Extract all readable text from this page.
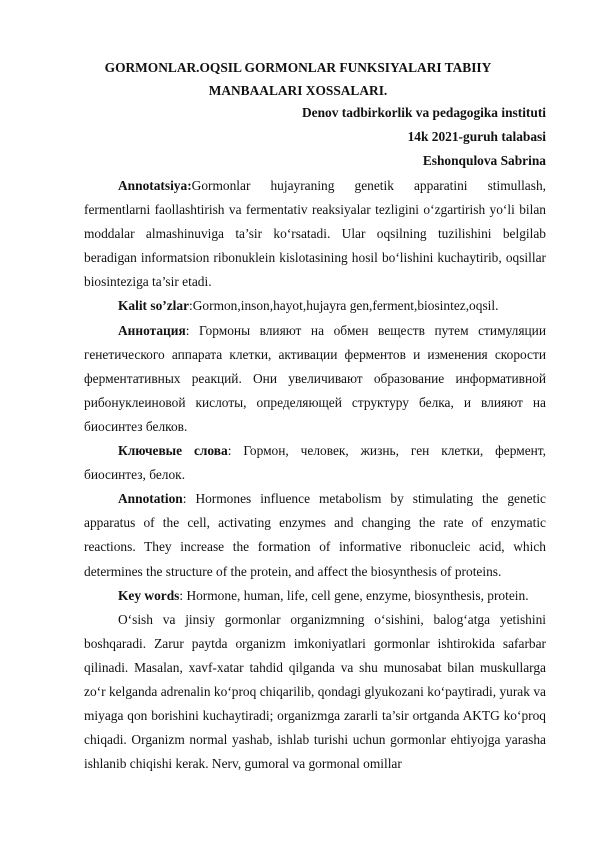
GORMONLAR.OQSIL GORMONLAR FUNKSIYALARI TABIIY
MANBAALARI XOSSALARI.

Denov tadbirkorlik va pedagogika instituti

14k 2021-guruh talabasi

Eshonqulova Sabrina

Annotatsiya:Gormonlar hujayraning genetik apparatini stimullash, fermentlarni faollashtirish va fermentativ reaksiyalar tezligini o‘zgartirish yo‘li bilan moddalar almashinuviga ta’sir ko‘rsatadi. Ular oqsilning tuzilishini belgilab beradigan informatsion ribonuklein kislotasining hosil bo‘lishini kuchaytirib, oqsillar biosinteziga ta’sir etadi.

Kalit so’zlar:Gormon,inson,hayot,hujayra gen,ferment,biosintez,oqsil.

Аннотация: Гормоны влияют на обмен веществ путем стимуляции генетического аппарата клетки, активации ферментов и изменения скорости ферментативных реакций. Они увеличивают образование информативной рибонуклеиновой кислоты, определяющей структуру белка, и влияют на биосинтез белков.

Ключевые слова: Гормон, человек, жизнь, ген клетки, фермент, биосинтез, белок.

Annotation: Hormones influence metabolism by stimulating the genetic apparatus of the cell, activating enzymes and changing the rate of enzymatic reactions. They increase the formation of informative ribonucleic acid, which determines the structure of the protein, and affect the biosynthesis of proteins.

Key words: Hormone, human, life, cell gene, enzyme, biosynthesis, protein.

O‘sish va jinsiy gormonlar organizmning o‘sishini, balog‘atga yetishini boshqaradi. Zarur paytda organizm imkoniyatlari gormonlar ishtirokida safarbar qilinadi. Masalan, xavf-xatar tahdid qilganda va shu munosabat bilan muskullarga zo‘r kelganda adrenalin ko‘proq chiqarilib, qondagi glyukozani ko‘paytiradi, yurak va miyaga qon borishini kuchaytiradi; organizmga zararli ta’sir ortganda AKTG ko‘proq chiqadi. Organizm normal yashab, ishlab turishi uchun gormonlar ehtiyojga yarasha ishlanib chiqishi kerak. Nerv, gumoral va gormonal omillar
